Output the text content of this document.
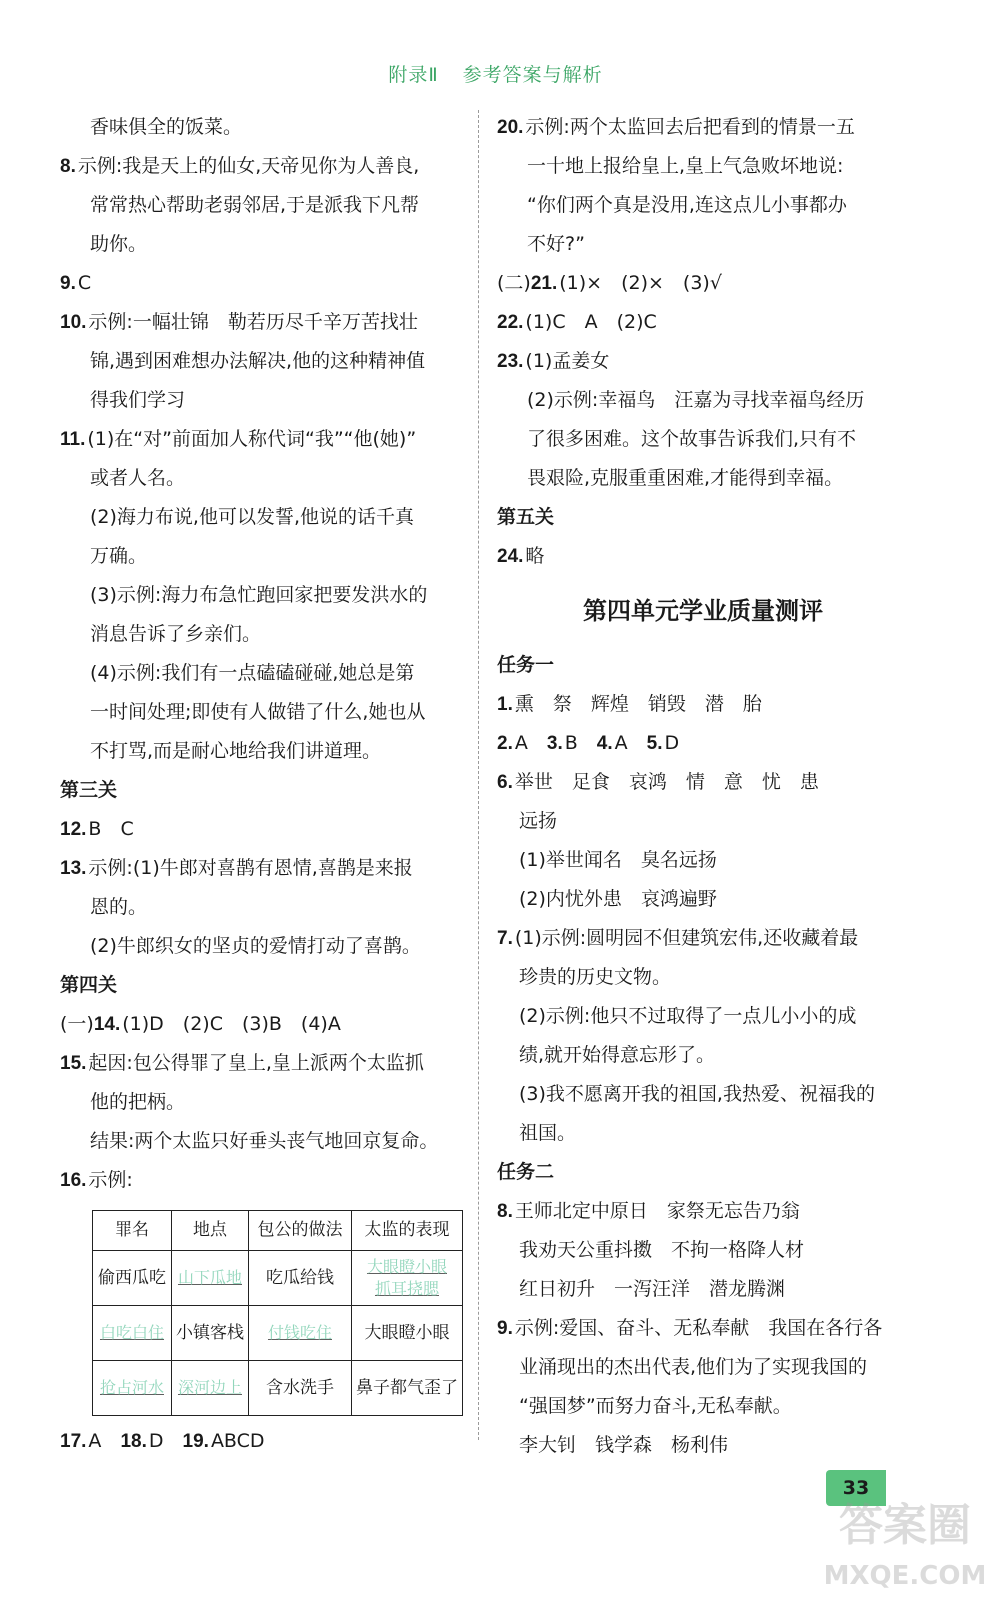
附录Ⅱ 参考答案与解析
香味俱全的饭菜。
8. 示例:我是天上的仙女,天帝见你为人善良,
常常热心帮助老弱邻居,于是派我下凡帮
助你。
9. C
10. 示例:一幅壮锦　勒若历尽千辛万苦找壮
锦,遇到困难想办法解决,他的这种精神值
得我们学习
11. (1)在“对”前面加人称代词“我”“他(她)”
或者人名。
(2)海力布说,他可以发誓,他说的话千真
万确。
(3)示例:海力布急忙跑回家把要发洪水的
消息告诉了乡亲们。
(4)示例:我们有一点磕磕碰碰,她总是第
一时间处理;即使有人做错了什么,她也从
不打骂,而是耐心地给我们讲道理。
第三关
12. B　C
13. 示例:(1)牛郎对喜鹊有恩情,喜鹊是来报
恩的。
(2)牛郎织女的坚贞的爱情打动了喜鹊。
第四关
(一)14. (1)D　(2)C　(3)B　(4)A
15. 起因:包公得罪了皇上,皇上派两个太监抓
他的把柄。
结果:两个太监只好垂头丧气地回京复命。
16. 示例:
罪名	地点	包公的做法	太监的表现
偷西瓜吃	山下瓜地	吃瓜给钱	大眼瞪小眼
抓耳挠腮
白吃白住	小镇客栈	付钱吃住	大眼瞪小眼
抢占河水	深河边上	含水洗手	鼻子都气歪了
17. A　 18. D　 19. ABCD
20. 示例:两个太监回去后把看到的情景一五
一十地上报给皇上,皇上气急败坏地说:
“你们两个真是没用,连这点儿小事都办
不好?”
(二)21. (1)×　(2)×　(3)√
22. (1)C　A　(2)C
23. (1)孟姜女
(2)示例:幸福鸟　汪嘉为寻找幸福鸟经历
了很多困难。这个故事告诉我们,只有不
畏艰险,克服重重困难,才能得到幸福。
第五关
24. 略
第四单元学业质量测评
任务一
1. 熏　祭　辉煌　销毁　潜　胎
2. A　 3. B　 4. A　 5. D
6. 举世　足食　哀鸿　情　意　忧　患
远扬
(1)举世闻名　臭名远扬
(2)内忧外患　哀鸿遍野
7. (1)示例:圆明园不但建筑宏伟,还收藏着最
珍贵的历史文物。
(2)示例:他只不过取得了一点儿小小的成
绩,就开始得意忘形了。
(3)我不愿离开我的祖国,我热爱、祝福我的
祖国。
任务二
8. 王师北定中原日　家祭无忘告乃翁
我劝天公重抖擞　不拘一格降人材
红日初升　一泻汪洋　潜龙腾渊
9. 示例:爱国、奋斗、无私奉献　我国在各行各
业涌现出的杰出代表,他们为了实现我国的
“强国梦”而努力奋斗,无私奉献。
李大钊　钱学森　杨利伟
33
答案圈
MXQE.COM
